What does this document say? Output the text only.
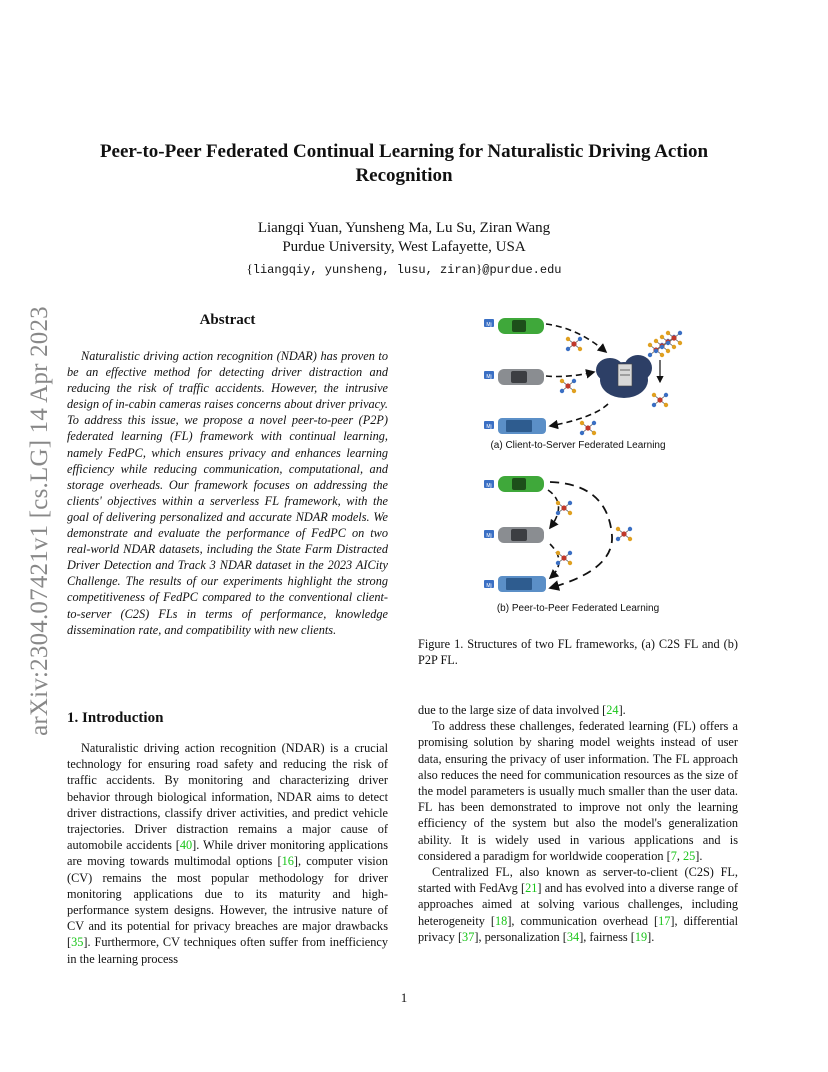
arXiv:2304.07421v1 [cs.LG] 14 Apr 2023
Peer-to-Peer Federated Continual Learning for Naturalistic Driving Action Recognition
Liangqi Yuan, Yunsheng Ma, Lu Su, Ziran Wang
Purdue University, West Lafayette, USA
{liangqiy, yunsheng, lusu, ziran}@purdue.edu
Abstract

Naturalistic driving action recognition (NDAR) has proven to be an effective method for detecting driver distraction and reducing the risk of traffic accidents. However, the intrusive design of in-cabin cameras raises concerns about driver privacy. To address this issue, we propose a novel peer-to-peer (P2P) federated learning (FL) framework with continual learning, namely FedPC, which ensures privacy and enhances learning efficiency while reducing communication, computational, and storage overheads. Our framework focuses on addressing the clients' objectives within a serverless FL framework, with the goal of delivering personalized and accurate NDAR models. We demonstrate and evaluate the performance of FedPC on two real-world NDAR datasets, including the State Farm Distracted Driver Detection and Track 3 NDAR dataset in the 2023 AICity Challenge. The results of our experiments highlight the strong competitiveness of FedPC compared to the conventional client-to-server (C2S) FLs in terms of performance, knowledge dissemination rate, and compatibility with new clients.

Mj
Mj
Mj
Mj
Mj
Mj
(a) Client-to-Server Federated Learning
(b) Peer-to-Peer Federated Learning

Figure 1. Structures of two FL frameworks, (a) C2S FL and (b) P2P FL.

1. Introduction

Naturalistic driving action recognition (NDAR) is a crucial technology for ensuring road safety and reducing the risk of traffic accidents. By monitoring and characterizing driver behavior through biological information, NDAR aims to detect driver distractions, classify driver activities, and predict vehicle trajectories. Driver distraction remains a major cause of automobile accidents [40]. While driver monitoring applications are moving towards multimodal options [16], computer vision (CV) remains the most popular methodology for driver monitoring applications due to its maturity and high-performance system designs. However, the intrusive nature of CV and its potential for privacy breaches are major drawbacks [35]. Furthermore, CV techniques often suffer from inefficiency in the learning process

due to the large size of data involved [24].

To address these challenges, federated learning (FL) offers a promising solution by sharing model weights instead of user data, ensuring the privacy of user information. The FL approach also reduces the need for communication resources as the size of the model parameters is usually much smaller than the user data. FL has been demonstrated to improve not only the learning efficiency of the system but also the model's generalization ability. It is widely used in various applications and is considered a paradigm for worldwide cooperation [7, 25].

Centralized FL, also known as server-to-client (C2S) FL, started with FedAvg [21] and has evolved into a diverse range of approaches aimed at solving various challenges, including heterogeneity [18], communication overhead [17], differential privacy [37], personalization [34], fairness [19].

1
